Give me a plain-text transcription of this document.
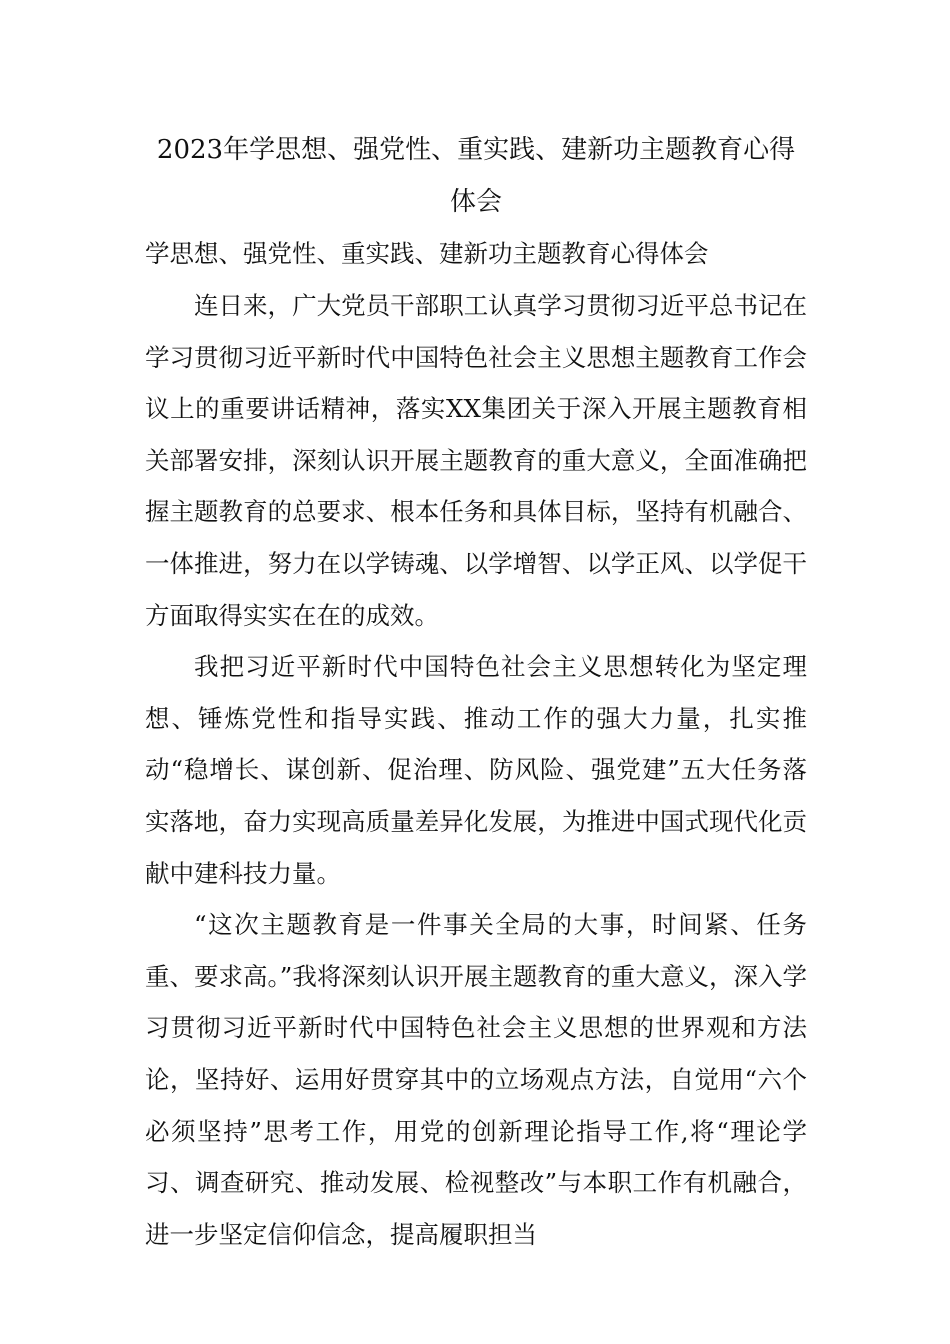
2023年学思想、强党性、重实践、建新功主题教育心得体会

学思想、强党性、重实践、建新功主题教育心得体会

连日来，广大党员干部职工认真学习贯彻习近平总书记在学习贯彻习近平新时代中国特色社会主义思想主题教育工作会议上的重要讲话精神，落实XX集团关于深入开展主题教育相关部署安排，深刻认识开展主题教育的重大意义，全面准确把握主题教育的总要求、根本任务和具体目标，坚持有机融合、一体推进，努力在以学铸魂、以学增智、以学正风、以学促干方面取得实实在在的成效。

我把习近平新时代中国特色社会主义思想转化为坚定理想、锤炼党性和指导实践、推动工作的强大力量，扎实推动“稳增长、谋创新、促治理、防风险、强党建”五大任务落实落地，奋力实现高质量差异化发展，为推进中国式现代化贡献中建科技力量。

“这次主题教育是一件事关全局的大事，时间紧、任务重、要求高。”我将深刻认识开展主题教育的重大意义，深入学习贯彻习近平新时代中国特色社会主义思想的世界观和方法论，坚持好、运用好贯穿其中的立场观点方法，自觉用“六个必须坚持”思考工作，用党的创新理论指导工作,将“理论学习、调查研究、推动发展、检视整改”与本职工作有机融合，进一步坚定信仰信念，提高履职担当
